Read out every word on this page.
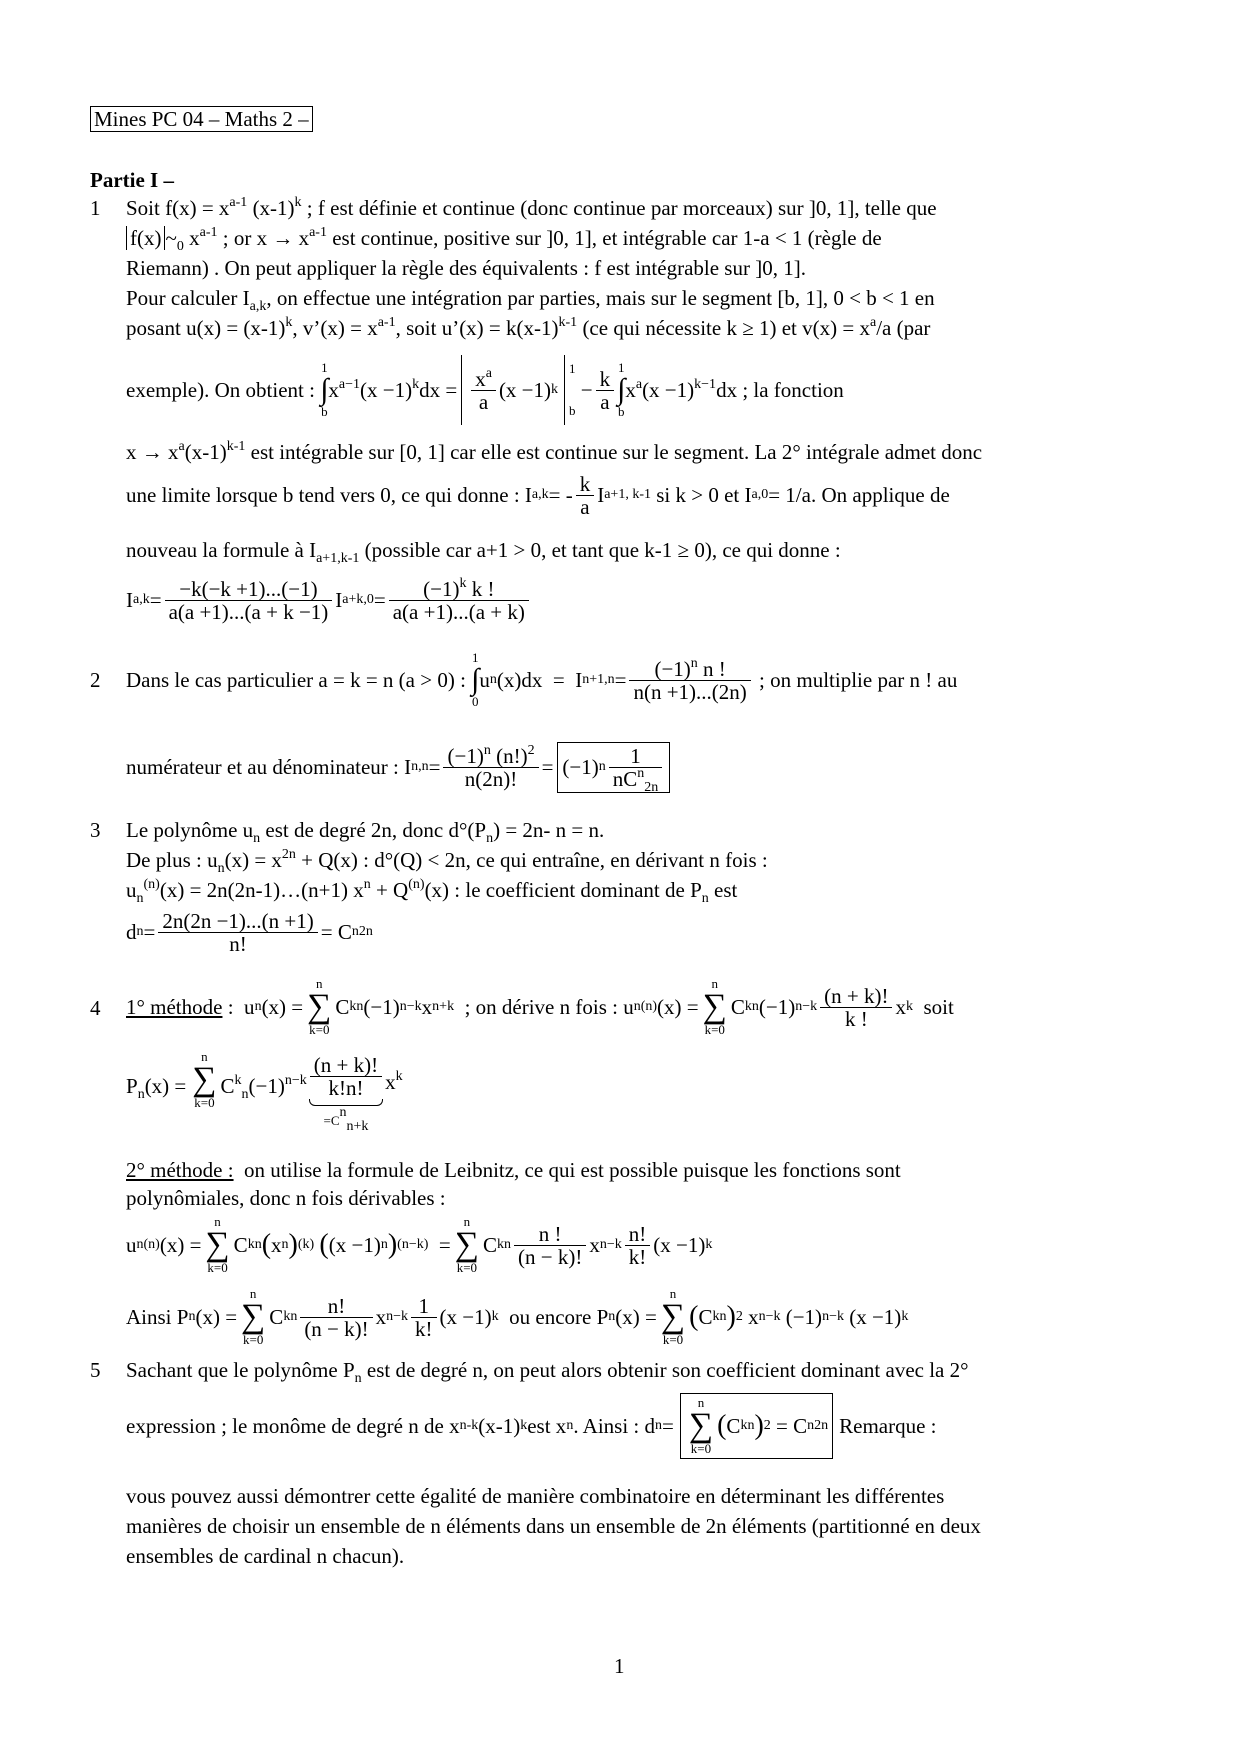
Mines PC 04 – Maths 2 –
Partie I –
1 Soit $f(x) = x^{a-1}$ $(x-1)^k$ ; f est définie et continue (donc continue par morceaux) sur ]0, 1], telle que
f(x) $\sim_0$ $x^{a-1}$ ; or $x \to x^{a-1}$ est continue, positive sur ]0, 1], et intégrable car 1-a < 1 (règle de
Riemann) . On peut appliquer la règle des équivalents : f est intégrable sur ]0, 1].
Pour calculer $I_{a,k}$, on effectue une intégration par parties, mais sur le segment [b, 1], 0 < b < 1 en
posant $u(x) = (x-1)^k$, v’(x) = $x^{a-1}$, soit u’(x) = $k(x-1)^{k-1}$ (ce qui nécessite k ≥ 1) et $v(x) = x^a/a$ (par
exemple). On obtient :

1
∫
b
$x^{a-1}(x -1)^kdx = \frac{x^a}{a} (x -1)$ k
1

b
− $\frac{k}{a} 1$
∫
b
$x^a(x -1)^{k-1}dx$ ; la fonction
$x \to x^a(x-1)^{k-1}$ est intégrable sur [0, 1] car elle est continue sur le segment. La 2° intégrale admet donc
une limite lorsque b tend vers 0, ce qui donne : I a,k = - $\frac{k}{a}$ I a+1, k-1 si k > 0 et I a,0 = 1/a. On applique de
nouveau la formule à $I_{a+1,k-1}$ (possible car a+1 > 0, et tant que k-1 ≥ 0), ce qui donne :
I $a,k = \frac{-k(-k +1)...(-1)}{a(a +1)...(a + k -1)}$ I $a+k,0 = \frac{(-1)^k k !}{a(a +1)...(a + k)}$
2 Dans le cas particulier a = k = n (a > 0) :

1
∫
0
u n (x)dx  =  I $n+1,n = \frac{(-1)^n n !}{n(n +1)...(2n)}$
; on multiplie par n ! au
numérateur et au dénominateur : I $n,n = \frac{(-1)^n (n!)^2}{n(2n)!} = (-1)$ n $\frac{1}{nC^n_{2n}}$
3 Le polynôme $u_n$ est de degré 2n, donc $d^\circ(P_n) = 2n-$ n = n.
De plus : $u_n(x) = x^{2n} + Q(x)$ : d°(Q) < 2n, ce qui entraîne, en dérivant n fois :
$u_n^{(n)}(x)$ = 2n(2n-1)…(n+1) $x^n + Q^{(n)}(x)$ : le coefficient dominant de $P_n$ est
d $n = \frac{2n(2n -1)...(n +1)}{n!} = C$ n 2n
4 1° méthode :  u n (x) =
n
∑
k=0
C k n (−1) n−k x n+k
; on dérive n fois : u n (n) (x) =
n
∑
k=0
C k n (−1) $n-k \frac{(n + k)!}{k !}$ x k
soit
$P_n(x)$ =
n
∑
k=0
$C^k_n(-1)^{n-k} \frac{(n + k)!}{k!n!}$
$=C^n_{n+k}$
$x^k$
2° méthode : on utilise la formule de Leibnitz, ce qui est possible puisque les fonctions sont
polynômiales, donc n fois dérivables :
u n (n) (x) =
n
∑
k=0
C k n ( x n ) (k)
( (x −1) n ) (n−k) =
n
∑
k=0
C k n $\frac{n !}{(n - k)!}$ x $n-k \frac{n!}{k!} (x -1)$ k
Ainsi P n (x) =
n
∑
k=0
C k n $\frac{n!}{(n - k)!}$ x $n-k \frac{1}{k!} (x -1)$ k
ou encore P n (x) =
n
∑
k=0
( C k n ) 2 x n−k (−1) n−k (x −1) k
5 Sachant que le polynôme $P_n$ est de degré n, on peut alors obtenir son coefficient dominant avec la 2°
expression ; le monôme de degré n de x n-k (x-1) k est x n . Ainsi : d n =
n
∑
k=0
( C k n ) 2 = C n 2n Remarque :
vous pouvez aussi démontrer cette égalité de manière combinatoire en déterminant les différentes
manières de choisir un ensemble de n éléments dans un ensemble de 2n éléments (partitionné en deux
ensembles de cardinal n chacun).
1
